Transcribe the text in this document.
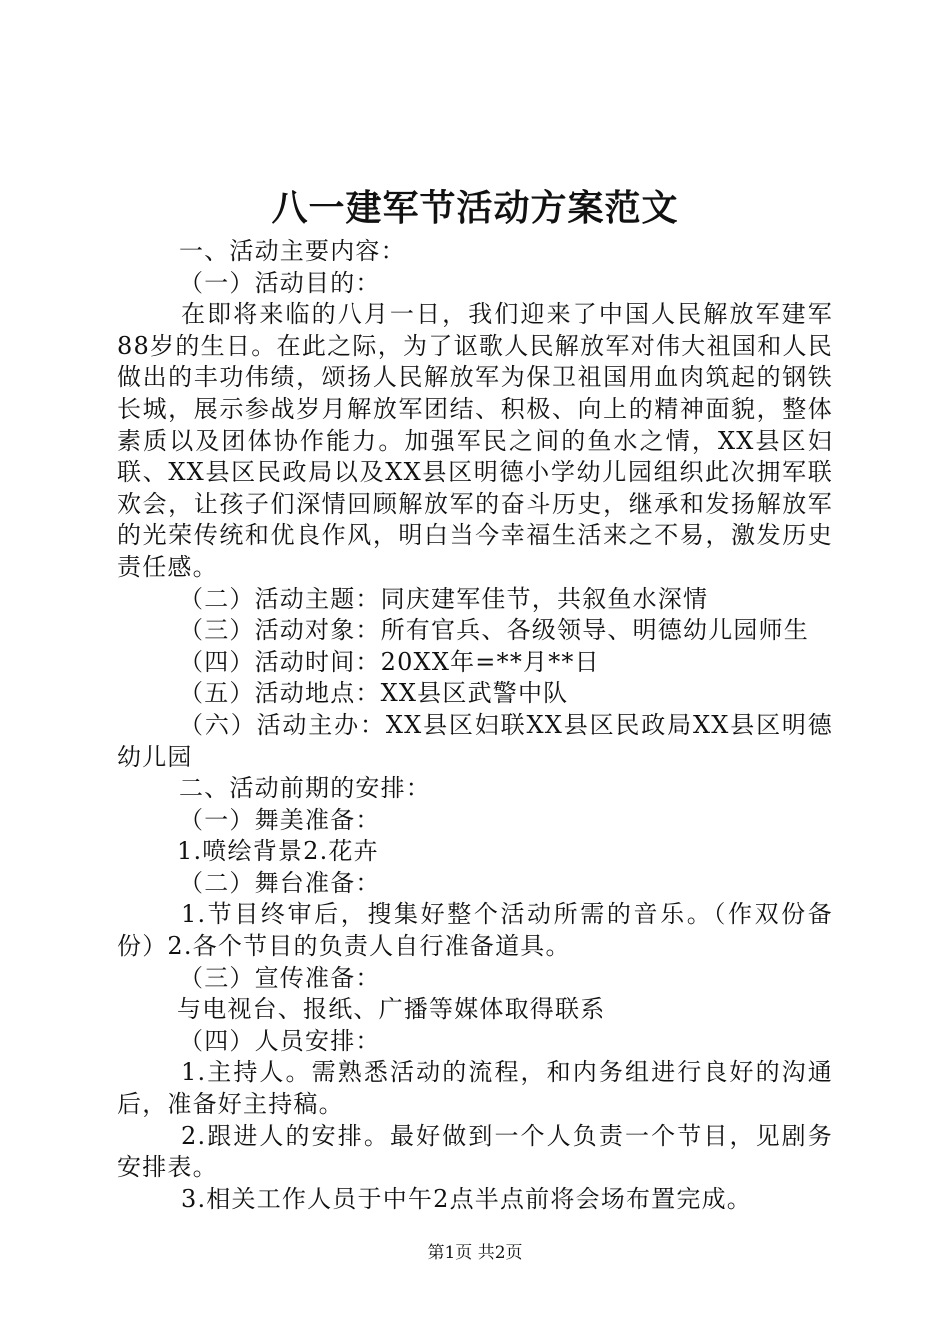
八一建军节活动方案范文

一、活动主要内容：

（一）活动目的：

在即将来临的八月一日，我们迎来了中国人民解放军建军88岁的生日。在此之际，为了讴歌人民解放军对伟大祖国和人民做出的丰功伟绩，颂扬人民解放军为保卫祖国用血肉筑起的钢铁长城，展示参战岁月解放军团结、积极、向上的精神面貌，整体素质以及团体协作能力。加强军民之间的鱼水之情，XX县区妇联、XX县区民政局以及XX县区明德小学幼儿园组织此次拥军联欢会，让孩子们深情回顾解放军的奋斗历史，继承和发扬解放军的光荣传统和优良作风，明白当今幸福生活来之不易，激发历史责任感。

（二）活动主题：同庆建军佳节，共叙鱼水深情

（三）活动对象：所有官兵、各级领导、明德幼儿园师生

（四）活动时间：20XX年=**月**日

（五）活动地点：XX县区武警中队

（六）活动主办：XX县区妇联XX县区民政局XX县区明德幼儿园

二、活动前期的安排：

（一）舞美准备：

1.喷绘背景2.花卉

（二）舞台准备：

1.节目终审后，搜集好整个活动所需的音乐。（作双份备份）2.各个节目的负责人自行准备道具。

（三）宣传准备：

与电视台、报纸、广播等媒体取得联系

（四）人员安排：

1.主持人。需熟悉活动的流程，和内务组进行良好的沟通后，准备好主持稿。

2.跟进人的安排。最好做到一个人负责一个节目，见剧务安排表。

3.相关工作人员于中午2点半点前将会场布置完成。

第1页 共2页
